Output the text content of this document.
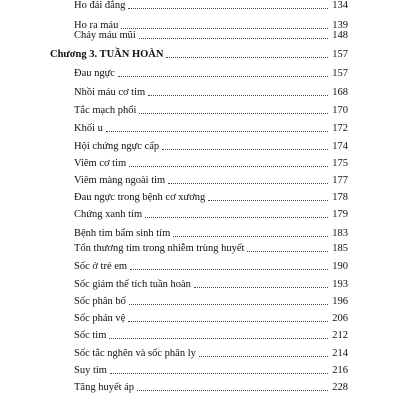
Ho đái đắng	134
Ho ra máu	139
Chảy máu mũi	148
Chương 3. TUẦN HOÀN	157
Đau ngực	157
Nhồi máu cơ tim	168
Tắc mạch phổi	170
Khối u	172
Hội chứng ngực cấp	174
Viêm cơ tim	175
Viêm màng ngoài tim	177
Đau ngực trong bệnh cơ xương	178
Chứng xanh tím	179
Bệnh tim bẩm sinh tím	183
Tổn thương tim trong nhiễm trùng huyết	185
Sốc ở trẻ em	190
Sốc giảm thể tích tuần hoàn	193
Sốc phân bố	196
Sốc phản vệ	206
Sốc tim	212
Sốc tắc nghẽn và sốc phân ly	214
Suy tim	216
Tăng huyết áp	228
